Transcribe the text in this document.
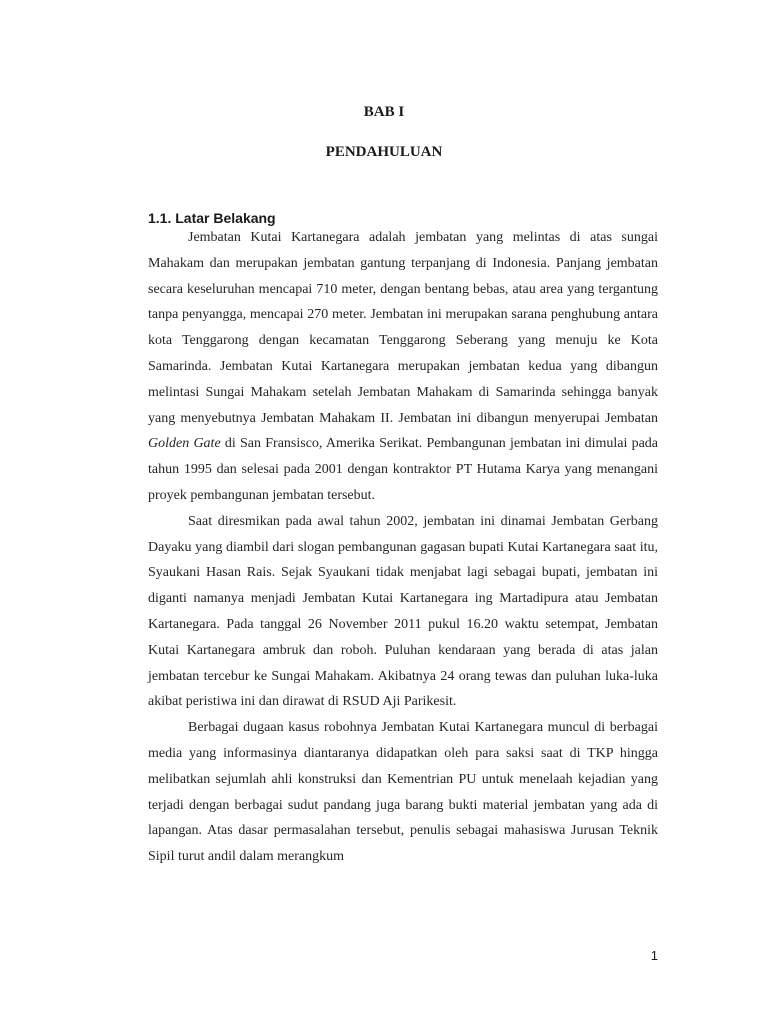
BAB I
PENDAHULUAN
1.1. Latar Belakang

Jembatan Kutai Kartanegara adalah jembatan yang melintas di atas sungai Mahakam dan merupakan jembatan gantung terpanjang di Indonesia. Panjang jembatan secara keseluruhan mencapai 710 meter, dengan bentang bebas, atau area yang tergantung tanpa penyangga, mencapai 270 meter. Jembatan ini merupakan sarana penghubung antara kota Tenggarong dengan kecamatan Tenggarong Seberang yang menuju ke Kota Samarinda. Jembatan Kutai Kartanegara merupakan jembatan kedua yang dibangun melintasi Sungai Mahakam setelah Jembatan Mahakam di Samarinda sehingga banyak yang menyebutnya Jembatan Mahakam II. Jembatan ini dibangun menyerupai Jembatan Golden Gate di San Fransisco, Amerika Serikat. Pembangunan jembatan ini dimulai pada tahun 1995 dan selesai pada 2001 dengan kontraktor PT Hutama Karya yang menangani proyek pembangunan jembatan tersebut.

Saat diresmikan pada awal tahun 2002, jembatan ini dinamai Jembatan Gerbang Dayaku yang diambil dari slogan pembangunan gagasan bupati Kutai Kartanegara saat itu, Syaukani Hasan Rais. Sejak Syaukani tidak menjabat lagi sebagai bupati, jembatan ini diganti namanya menjadi Jembatan Kutai Kartanegara ing Martadipura atau Jembatan Kartanegara. Pada tanggal 26 November 2011 pukul 16.20 waktu setempat, Jembatan Kutai Kartanegara ambruk dan roboh. Puluhan kendaraan yang berada di atas jalan jembatan tercebur ke Sungai Mahakam. Akibatnya 24 orang tewas dan puluhan luka-luka akibat peristiwa ini dan dirawat di RSUD Aji Parikesit.

Berbagai dugaan kasus robohnya Jembatan Kutai Kartanegara muncul di berbagai media yang informasinya diantaranya didapatkan oleh para saksi saat di TKP hingga melibatkan sejumlah ahli konstruksi dan Kementrian PU untuk menelaah kejadian yang terjadi dengan berbagai sudut pandang juga barang bukti material jembatan yang ada di lapangan. Atas dasar permasalahan tersebut, penulis sebagai mahasiswa Jurusan Teknik Sipil turut andil dalam merangkum

1
